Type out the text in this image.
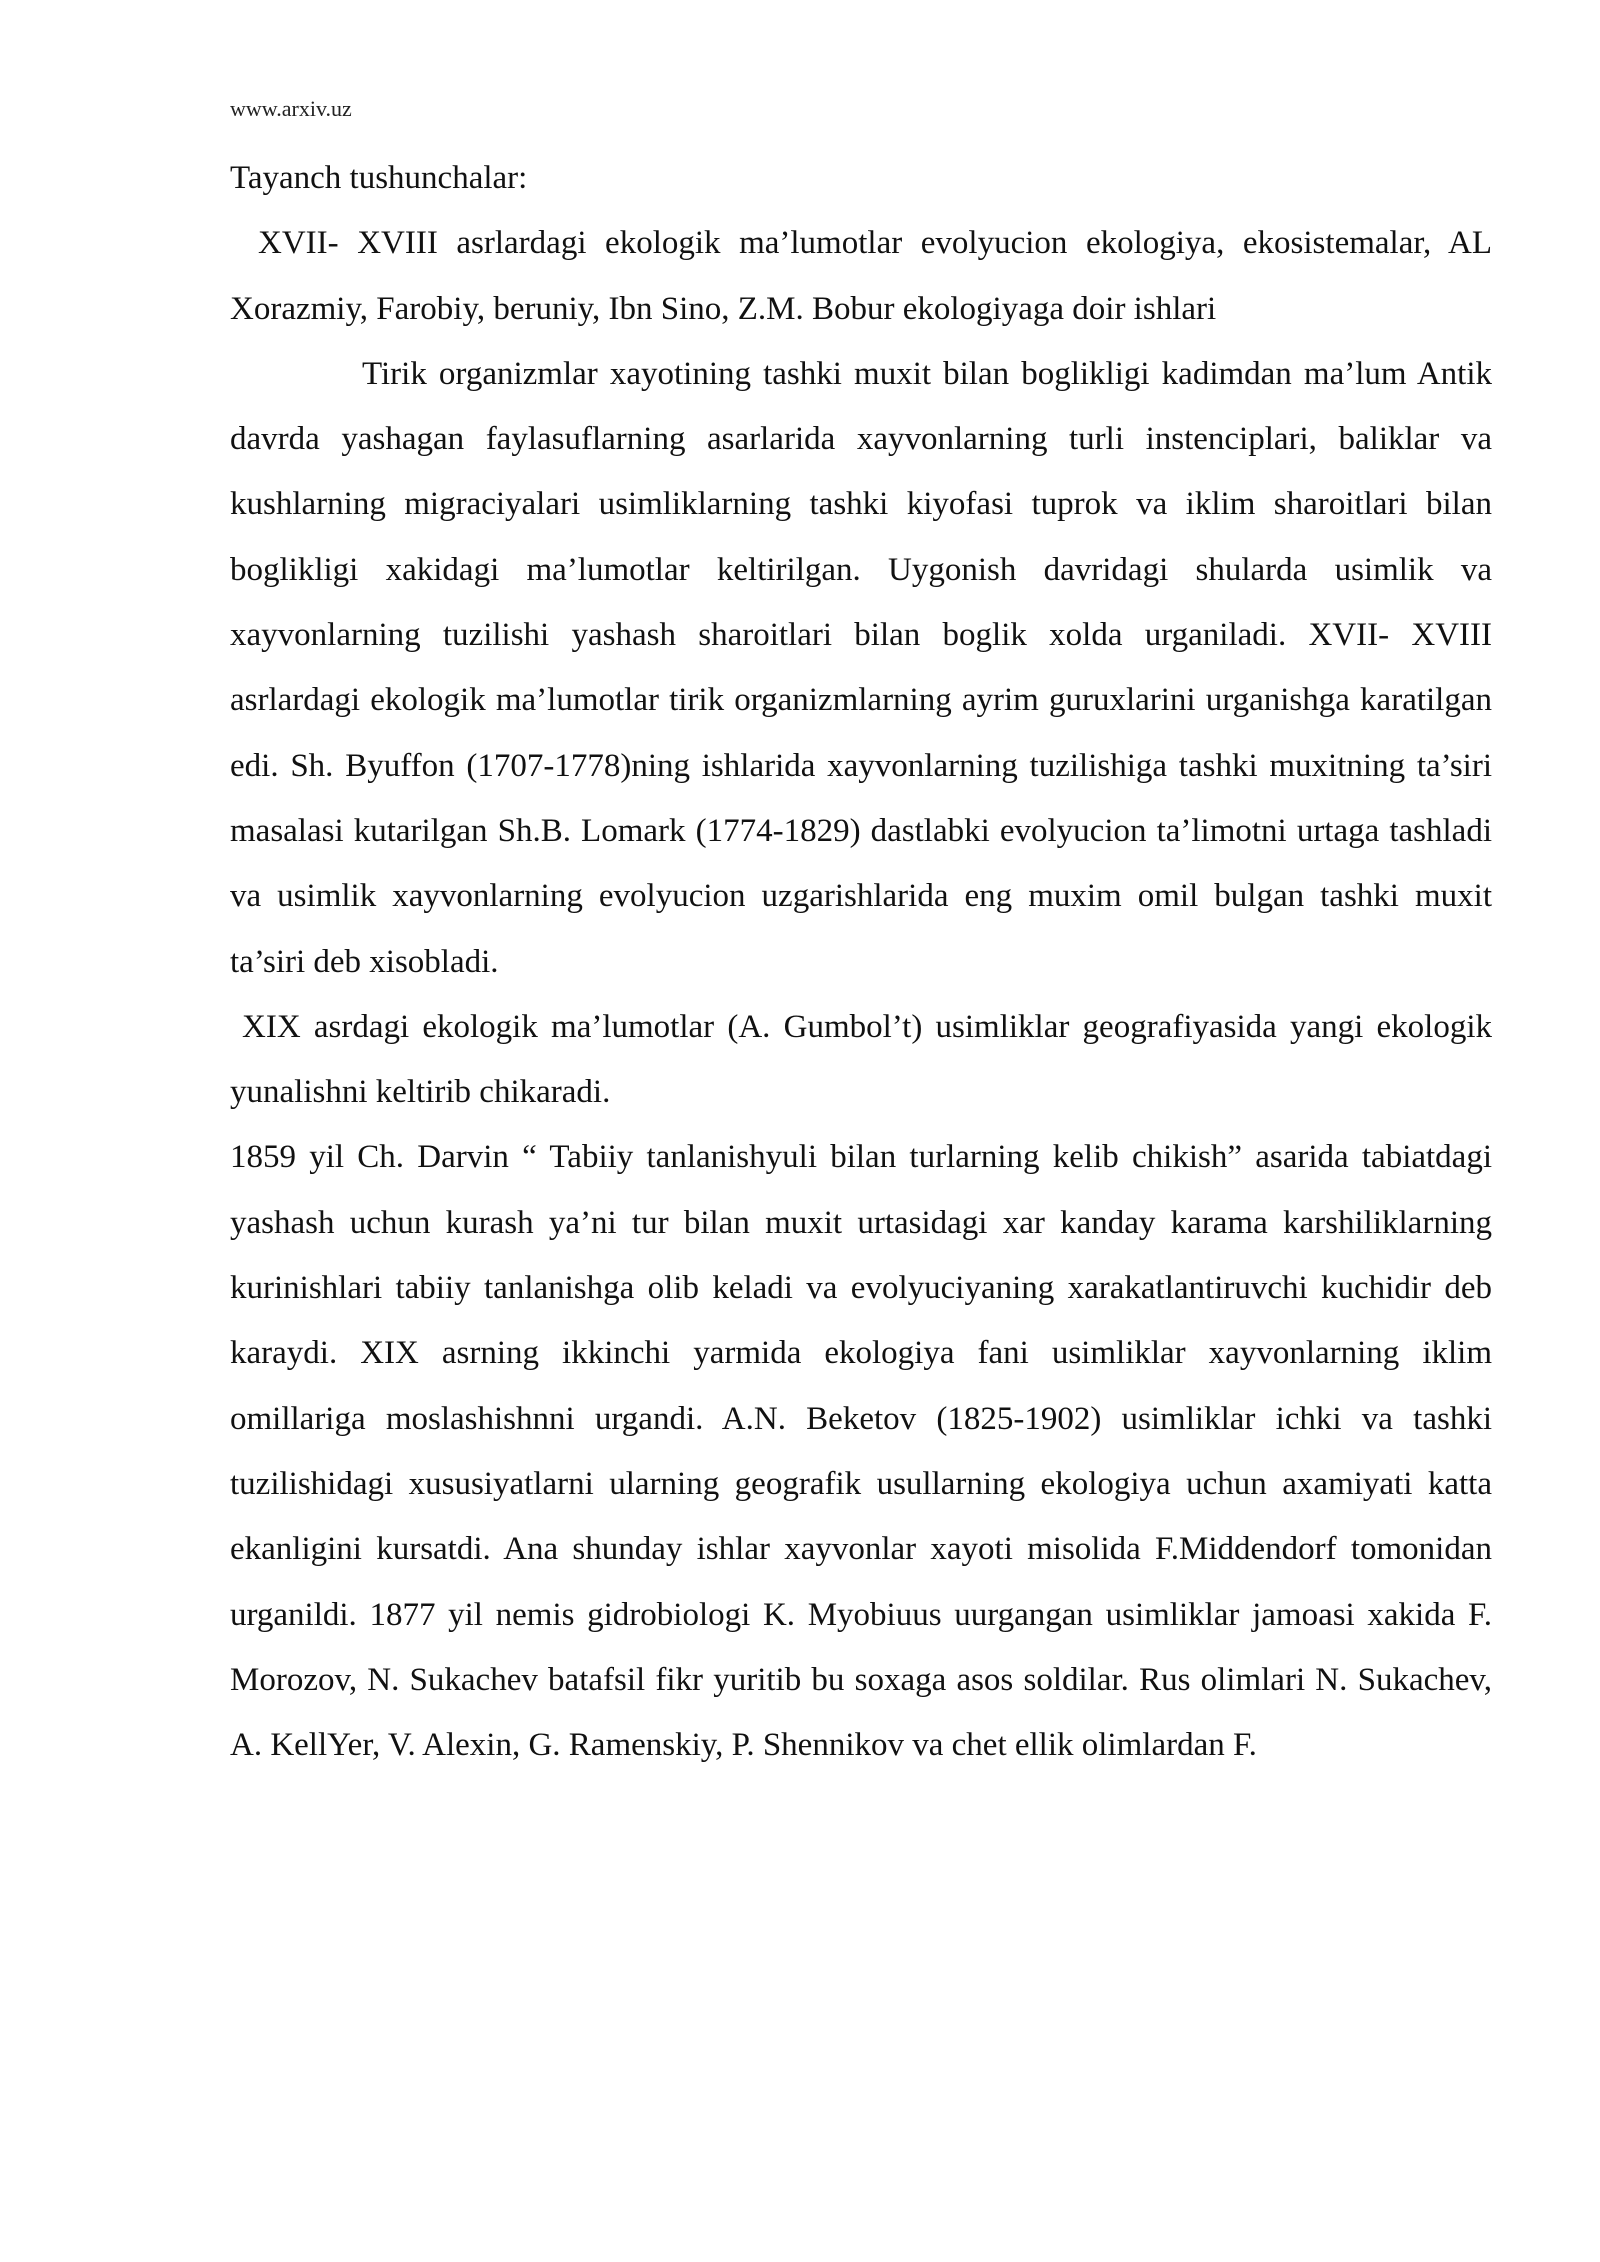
www.arxiv.uz

Tayanch tushunchalar:

XVII- XVIII asrlardagi ekologik ma’lumotlar evolyucion ekologiya, ekosistemalar, AL Xorazmiy, Farobiy, beruniy, Ibn Sino, Z.M. Bobur ekologiyaga doir ishlari

Tirik organizmlar xayotining tashki muxit bilan boglikligi kadimdan ma’lum Antik davrda yashagan faylasuflarning asarlarida xayvonlarning turli instenciplari, baliklar va kushlarning migraciyalari usimliklarning tashki kiyofasi tuprok va iklim sharoitlari bilan boglikligi xakidagi ma’lumotlar keltirilgan. Uygonish davridagi shularda usimlik va xayvonlarning tuzilishi yashash sharoitlari bilan boglik xolda urganiladi. XVII- XVIII asrlardagi ekologik ma’lumotlar tirik organizmlarning ayrim guruxlarini urganishga karatilgan edi. Sh. Byuffon (1707-1778)ning ishlarida xayvonlarning tuzilishiga tashki muxitning ta’siri masalasi kutarilgan Sh.B. Lomark (1774-1829) dastlabki evolyucion ta’limotni urtaga tashladi va usimlik xayvonlarning evolyucion uzgarishlarida eng muxim omil bulgan tashki muxit ta’siri deb xisobladi.

XIX asrdagi ekologik ma’lumotlar (A. Gumbol’t) usimliklar geografiyasida yangi ekologik yunalishni keltirib chikaradi.

1859 yil Ch. Darvin “ Tabiiy tanlanishyuli bilan turlarning kelib chikish” asarida tabiatdagi yashash uchun kurash ya’ni tur bilan muxit urtasidagi xar kanday karama karshiliklarning kurinishlari tabiiy tanlanishga olib keladi va evolyuciyaning xarakatlantiruvchi kuchidir deb karaydi. XIX asrning ikkinchi yarmida ekologiya fani usimliklar xayvonlarning iklim omillariga moslashishnni urgandi. A.N. Beketov (1825-1902) usimliklar ichki va tashki tuzilishidagi xususiyatlarni ularning geografik usullarning ekologiya uchun axamiyati katta ekanligini kursatdi. Ana shunday ishlar xayvonlar xayoti misolida F.Middendorf tomonidan urganildi. 1877 yil nemis gidrobiologi K. Myobiuus uurgangan usimliklar jamoasi xakida F. Morozov, N. Sukachev batafsil fikr yuritib bu soxaga asos soldilar. Rus olimlari N. Sukachev, A. KellYer, V. Alexin, G. Ramenskiy, P. Shennikov va chet ellik olimlardan F.
